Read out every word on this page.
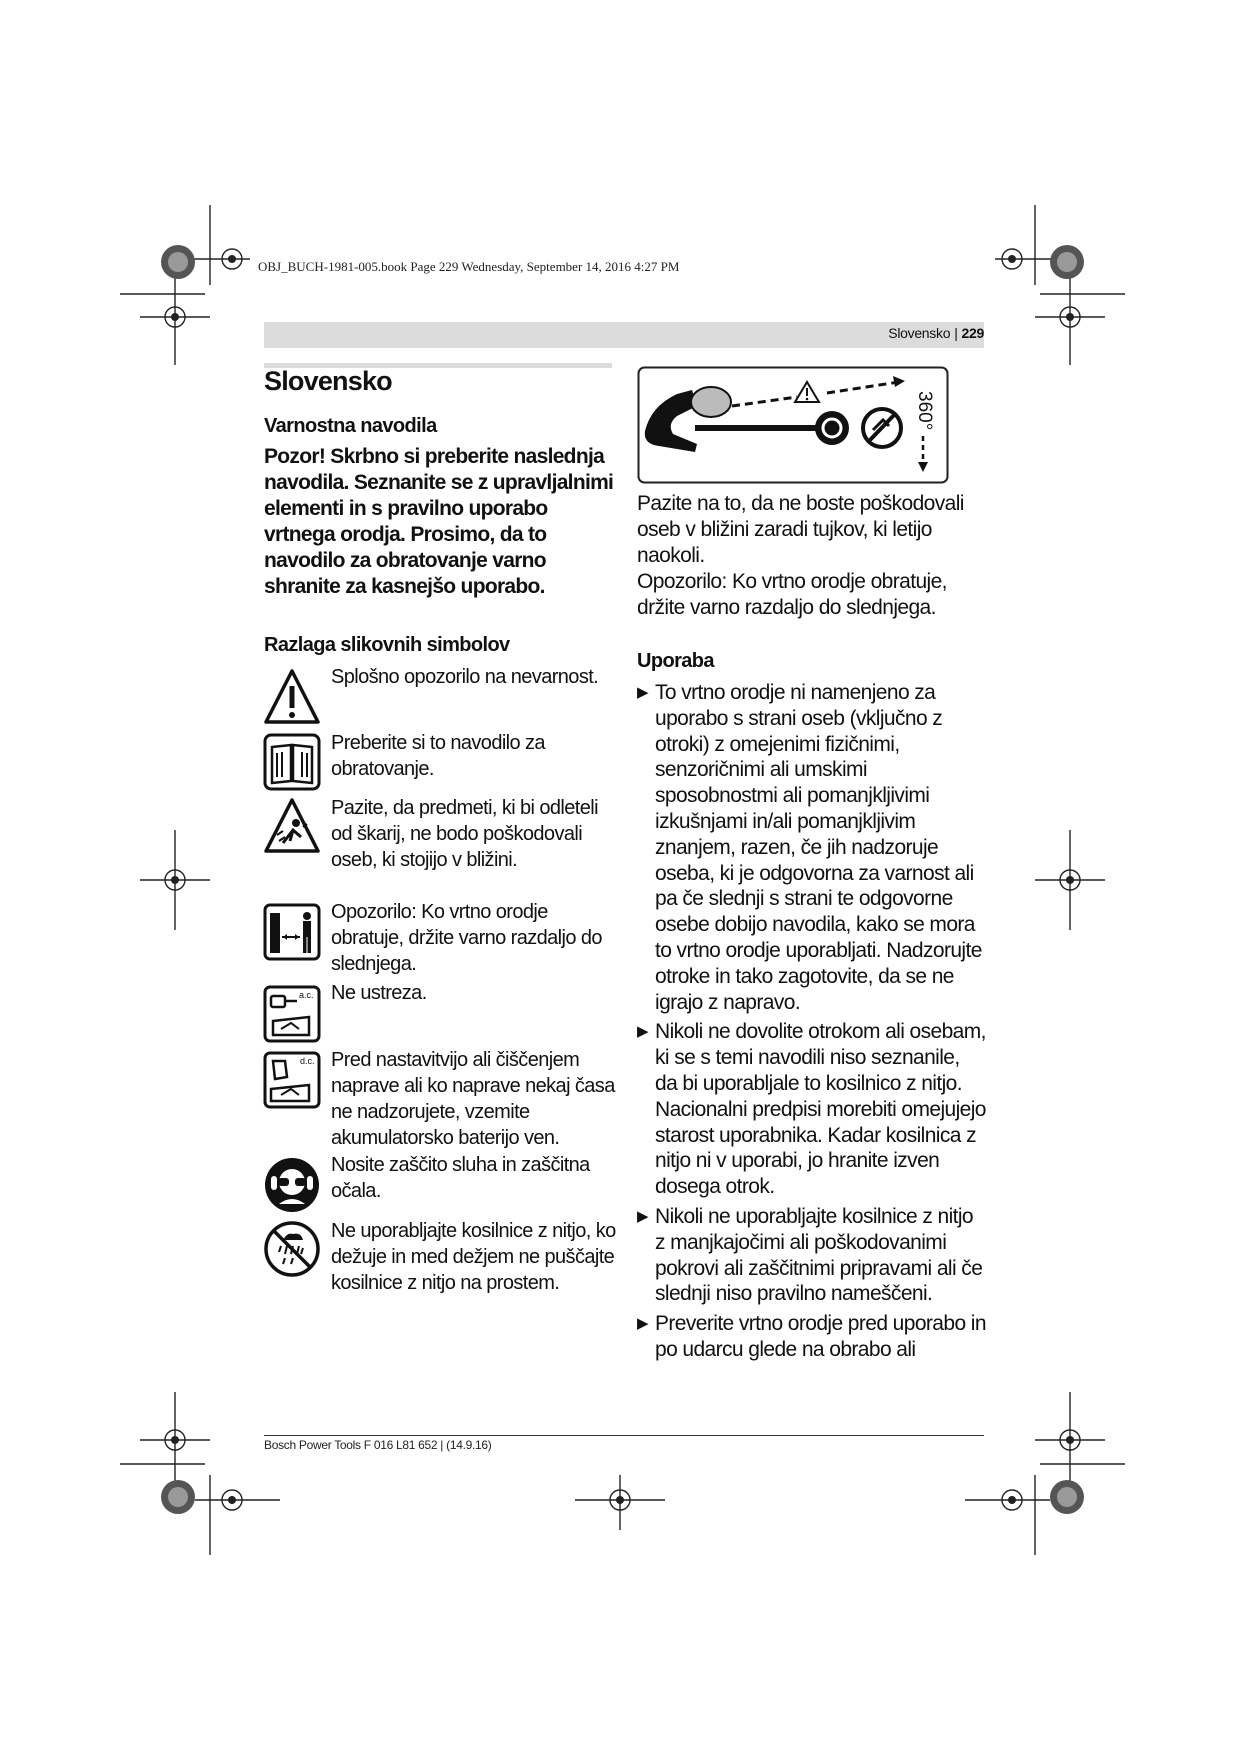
OBJ_BUCH-1981-005.book Page 229 Wednesday, September 14, 2016 4:27 PM
Slovensko | 229
Slovensko
Varnostna navodila
Pozor! Skrbno si preberite naslednja navodila. Seznanite se z upravljalnimi elementi in s pravilno uporabo vrtnega orodja. Prosimo, da to navodilo za obratovanje varno shranite za kasnejšo uporabo.
Razlaga slikovnih simbolov
Splošno opozorilo na nevarnost.
Preberite si to navodilo za obratovanje.
Pazite, da predmeti, ki bi odleteli od škarij, ne bodo poškodovali oseb, ki stojijo v bližini.
Opozorilo: Ko vrtno orodje obratuje, držite varno razdaljo do slednjega.
a.c. Ne ustreza.
d.c. Pred nastavitvijo ali čiščenjem naprave ali ko naprave nekaj časa ne nadzorujete, vzemite akumulatorsko baterijo ven.
Nosite zaščito sluha in zaščitna očala.
Ne uporabljajte kosilnice z nitjo, ko dežuje in med dežjem ne puščajte kosilnice z nitjo na prostem.
360°
Pazite na to, da ne boste poškodovali oseb v bližini zaradi tujkov, ki letijo naokoli.
Opozorilo: Ko vrtno orodje obratuje, držite varno razdaljo do slednjega.
Uporaba
▶ To vrtno orodje ni namenjeno za uporabo s strani oseb (vključno z otroki) z omejenimi fizičnimi, senzoričnimi ali umskimi sposobnostmi ali pomanjkljivimi izkušnjami in/ali pomanjkljivim znanjem, razen, če jih nadzoruje oseba, ki je odgovorna za varnost ali pa če slednji s strani te odgovorne osebe dobijo navodila, kako se mora to vrtno orodje uporabljati. Nadzorujte otroke in tako zagotovite, da se ne igrajo z napravo.
▶ Nikoli ne dovolite otrokom ali osebam, ki se s temi navodili niso seznanile, da bi uporabljale to kosilnico z nitjo. Nacionalni predpisi morebiti omejujejo starost uporabnika. Kadar kosilnica z nitjo ni v uporabi, jo hranite izven dosega otrok.
▶ Nikoli ne uporabljajte kosilnice z nitjo z manjkajočimi ali poškodovanimi pokrovi ali zaščitnimi pripravami ali če slednji niso pravilno nameščeni.
▶ Preverite vrtno orodje pred uporabo in po udarcu glede na obrabo ali
Bosch Power Tools F 016 L81 652 | (14.9.16)
